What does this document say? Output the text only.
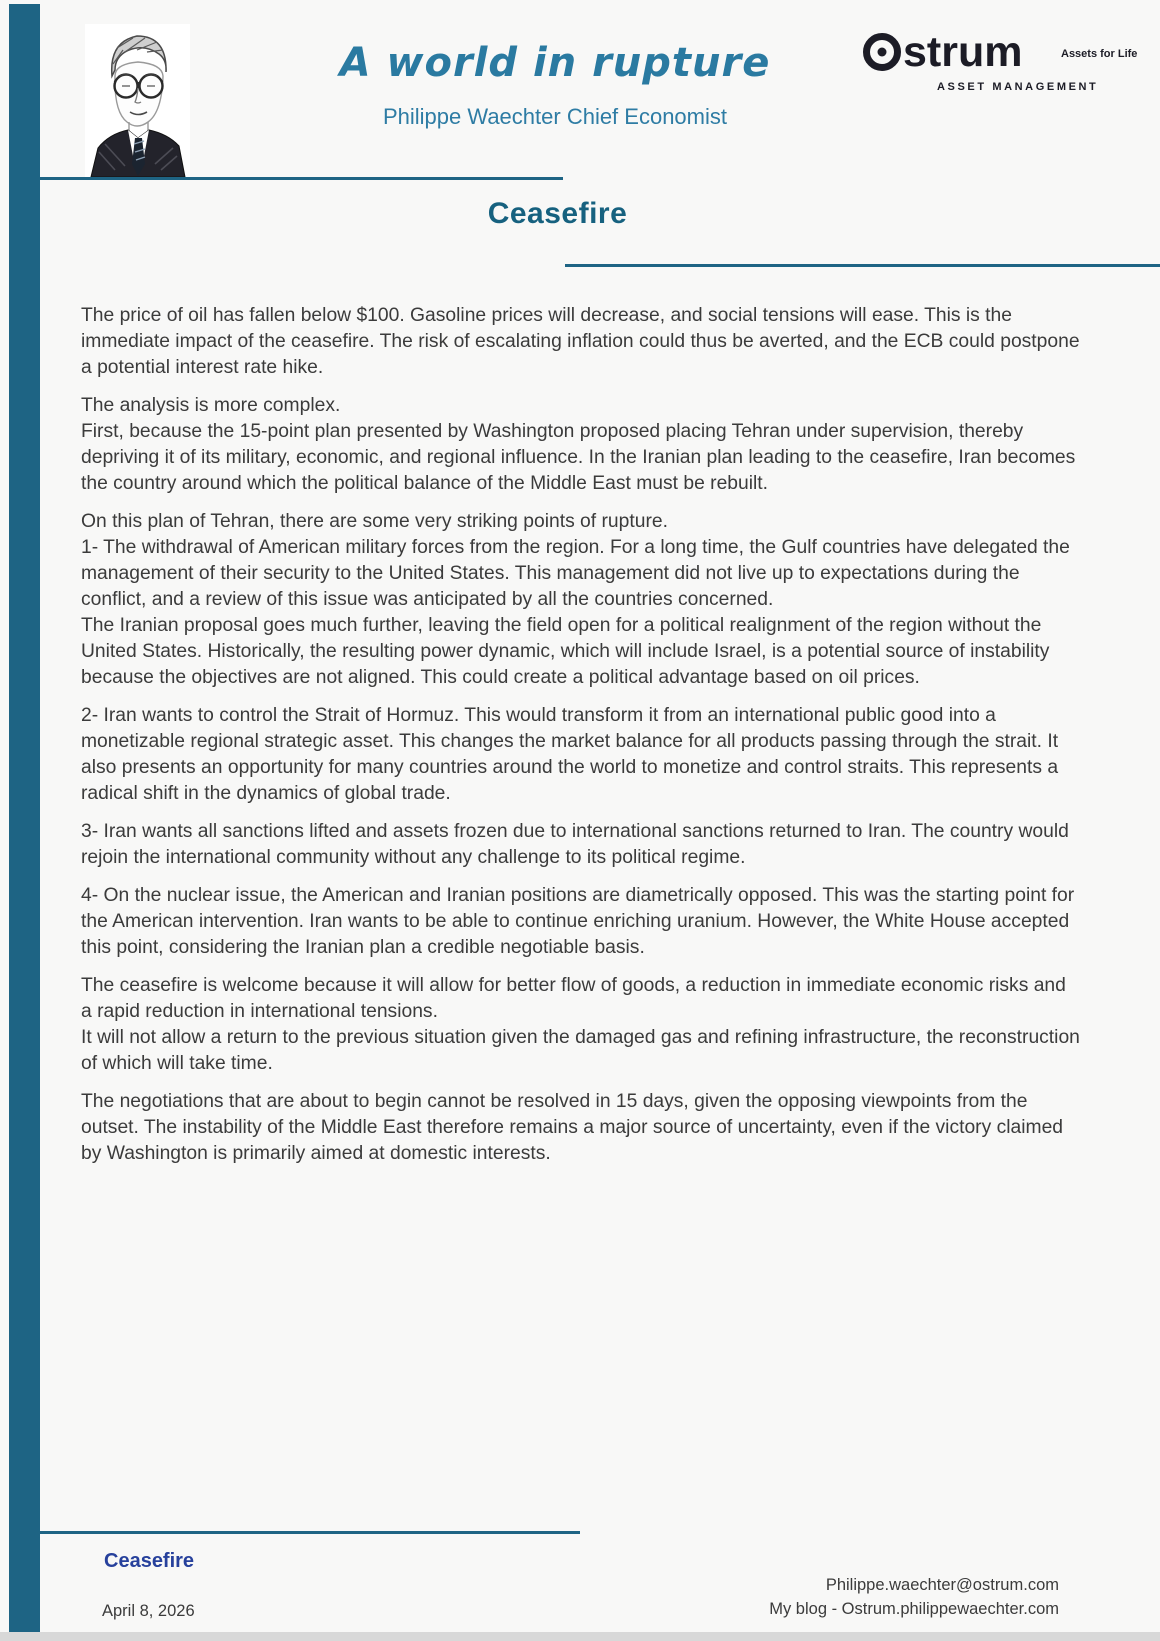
A world in rupture
Philippe Waechter Chief Economist
strum
ASSET MANAGEMENT
Assets for Life
Ceasefire

The price of oil has fallen below $100. Gasoline prices will decrease, and social tensions will ease. This is the immediate impact of the ceasefire. The risk of escalating inflation could thus be averted, and the ECB could postpone a potential interest rate hike.

The analysis is more complex.

First, because the 15-point plan presented by Washington proposed placing Tehran under supervision, thereby depriving it of its military, economic, and regional influence. In the Iranian plan leading to the ceasefire, Iran becomes the country around which the political balance of the Middle East must be rebuilt.

On this plan of Tehran, there are some very striking points of rupture.

1- The withdrawal of American military forces from the region. For a long time, the Gulf countries have delegated the management of their security to the United States. This management did not live up to expectations during the conflict, and a review of this issue was anticipated by all the countries concerned.

The Iranian proposal goes much further, leaving the field open for a political realignment of the region without the United States. Historically, the resulting power dynamic, which will include Israel, is a potential source of instability because the objectives are not aligned. This could create a political advantage based on oil prices.

2- Iran wants to control the Strait of Hormuz. This would transform it from an international public good into a monetizable regional strategic asset. This changes the market balance for all products passing through the strait. It also presents an opportunity for many countries around the world to monetize and control straits. This represents a radical shift in the dynamics of global trade.

3- Iran wants all sanctions lifted and assets frozen due to international sanctions returned to Iran. The country would rejoin the international community without any challenge to its political regime.

4- On the nuclear issue, the American and Iranian positions are diametrically opposed. This was the starting point for the American intervention. Iran wants to be able to continue enriching uranium. However, the White House accepted this point, considering the Iranian plan a credible negotiable basis.

The ceasefire is welcome because it will allow for better flow of goods, a reduction in immediate economic risks and a rapid reduction in international tensions.

It will not allow a return to the previous situation given the damaged gas and refining infrastructure, the reconstruction of which will take time.

The negotiations that are about to begin cannot be resolved in 15 days, given the opposing viewpoints from the outset. The instability of the Middle East therefore remains a major source of uncertainty, even if the victory claimed by Washington is primarily aimed at domestic interests.

Ceasefire
April 8, 2026
Philippe.waechter@ostrum.com
My blog - Ostrum.philippewaechter.com
